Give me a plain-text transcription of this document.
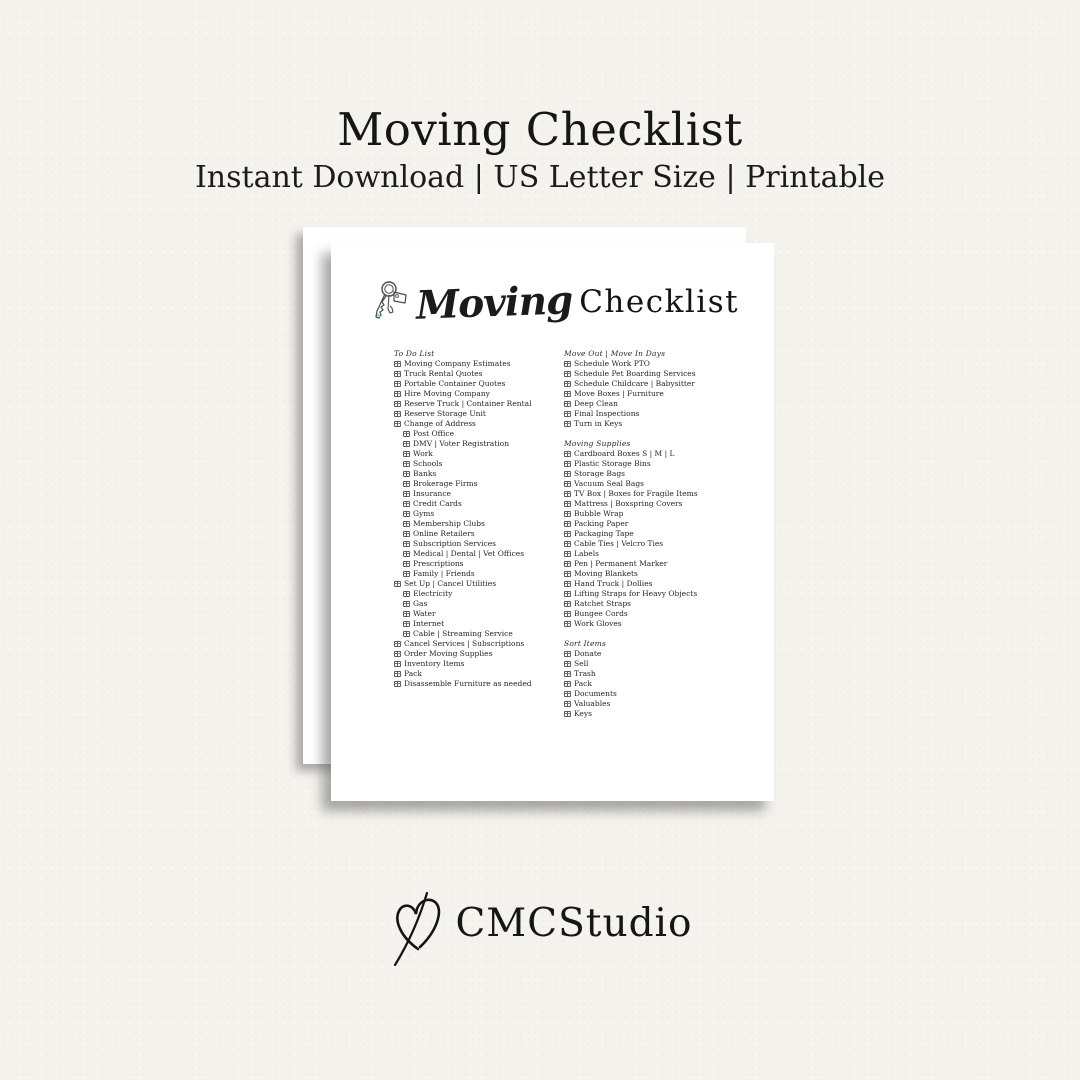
Moving Checklist
Instant Download | US Letter Size | Printable
Moving Checklist
To Do List
Moving Company Estimates
Truck Rental Quotes
Portable Container Quotes
Hire Moving Company
Reserve Truck | Container Rental
Reserve Storage Unit
Change of Address
Post Office
DMV | Voter Registration
Work
Schools
Banks
Brokerage Firms
Insurance
Credit Cards
Gyms
Membership Clubs
Online Retailers
Subscription Services
Medical | Dental | Vet Offices
Prescriptions
Family | Friends
Set Up | Cancel Utilities
Electricity
Gas
Water
Internet
Cable | Streaming Service
Cancel Services | Subscriptions
Order Moving Supplies
Inventory Items
Pack
Disassemble Furniture as needed
Move Out | Move In Days
Schedule Work PTO
Schedule Pet Boarding Services
Schedule Childcare | Babysitter
Move Boxes | Furniture
Deep Clean
Final Inspections
Turn in Keys
Moving Supplies
Cardboard Boxes S | M | L
Plastic Storage Bins
Storage Bags
Vacuum Seal Bags
TV Box | Boxes for Fragile Items
Mattress | Boxspring Covers
Bubble Wrap
Packing Paper
Packaging Tape
Cable Ties | Velcro Ties
Labels
Pen | Permanent Marker
Moving Blankets
Hand Truck | Dollies
Lifting Straps for Heavy Objects
Ratchet Straps
Bungee Cords
Work Gloves
Sort Items
Donate
Sell
Trash
Pack
Documents
Valuables
Keys
CMCStudio
